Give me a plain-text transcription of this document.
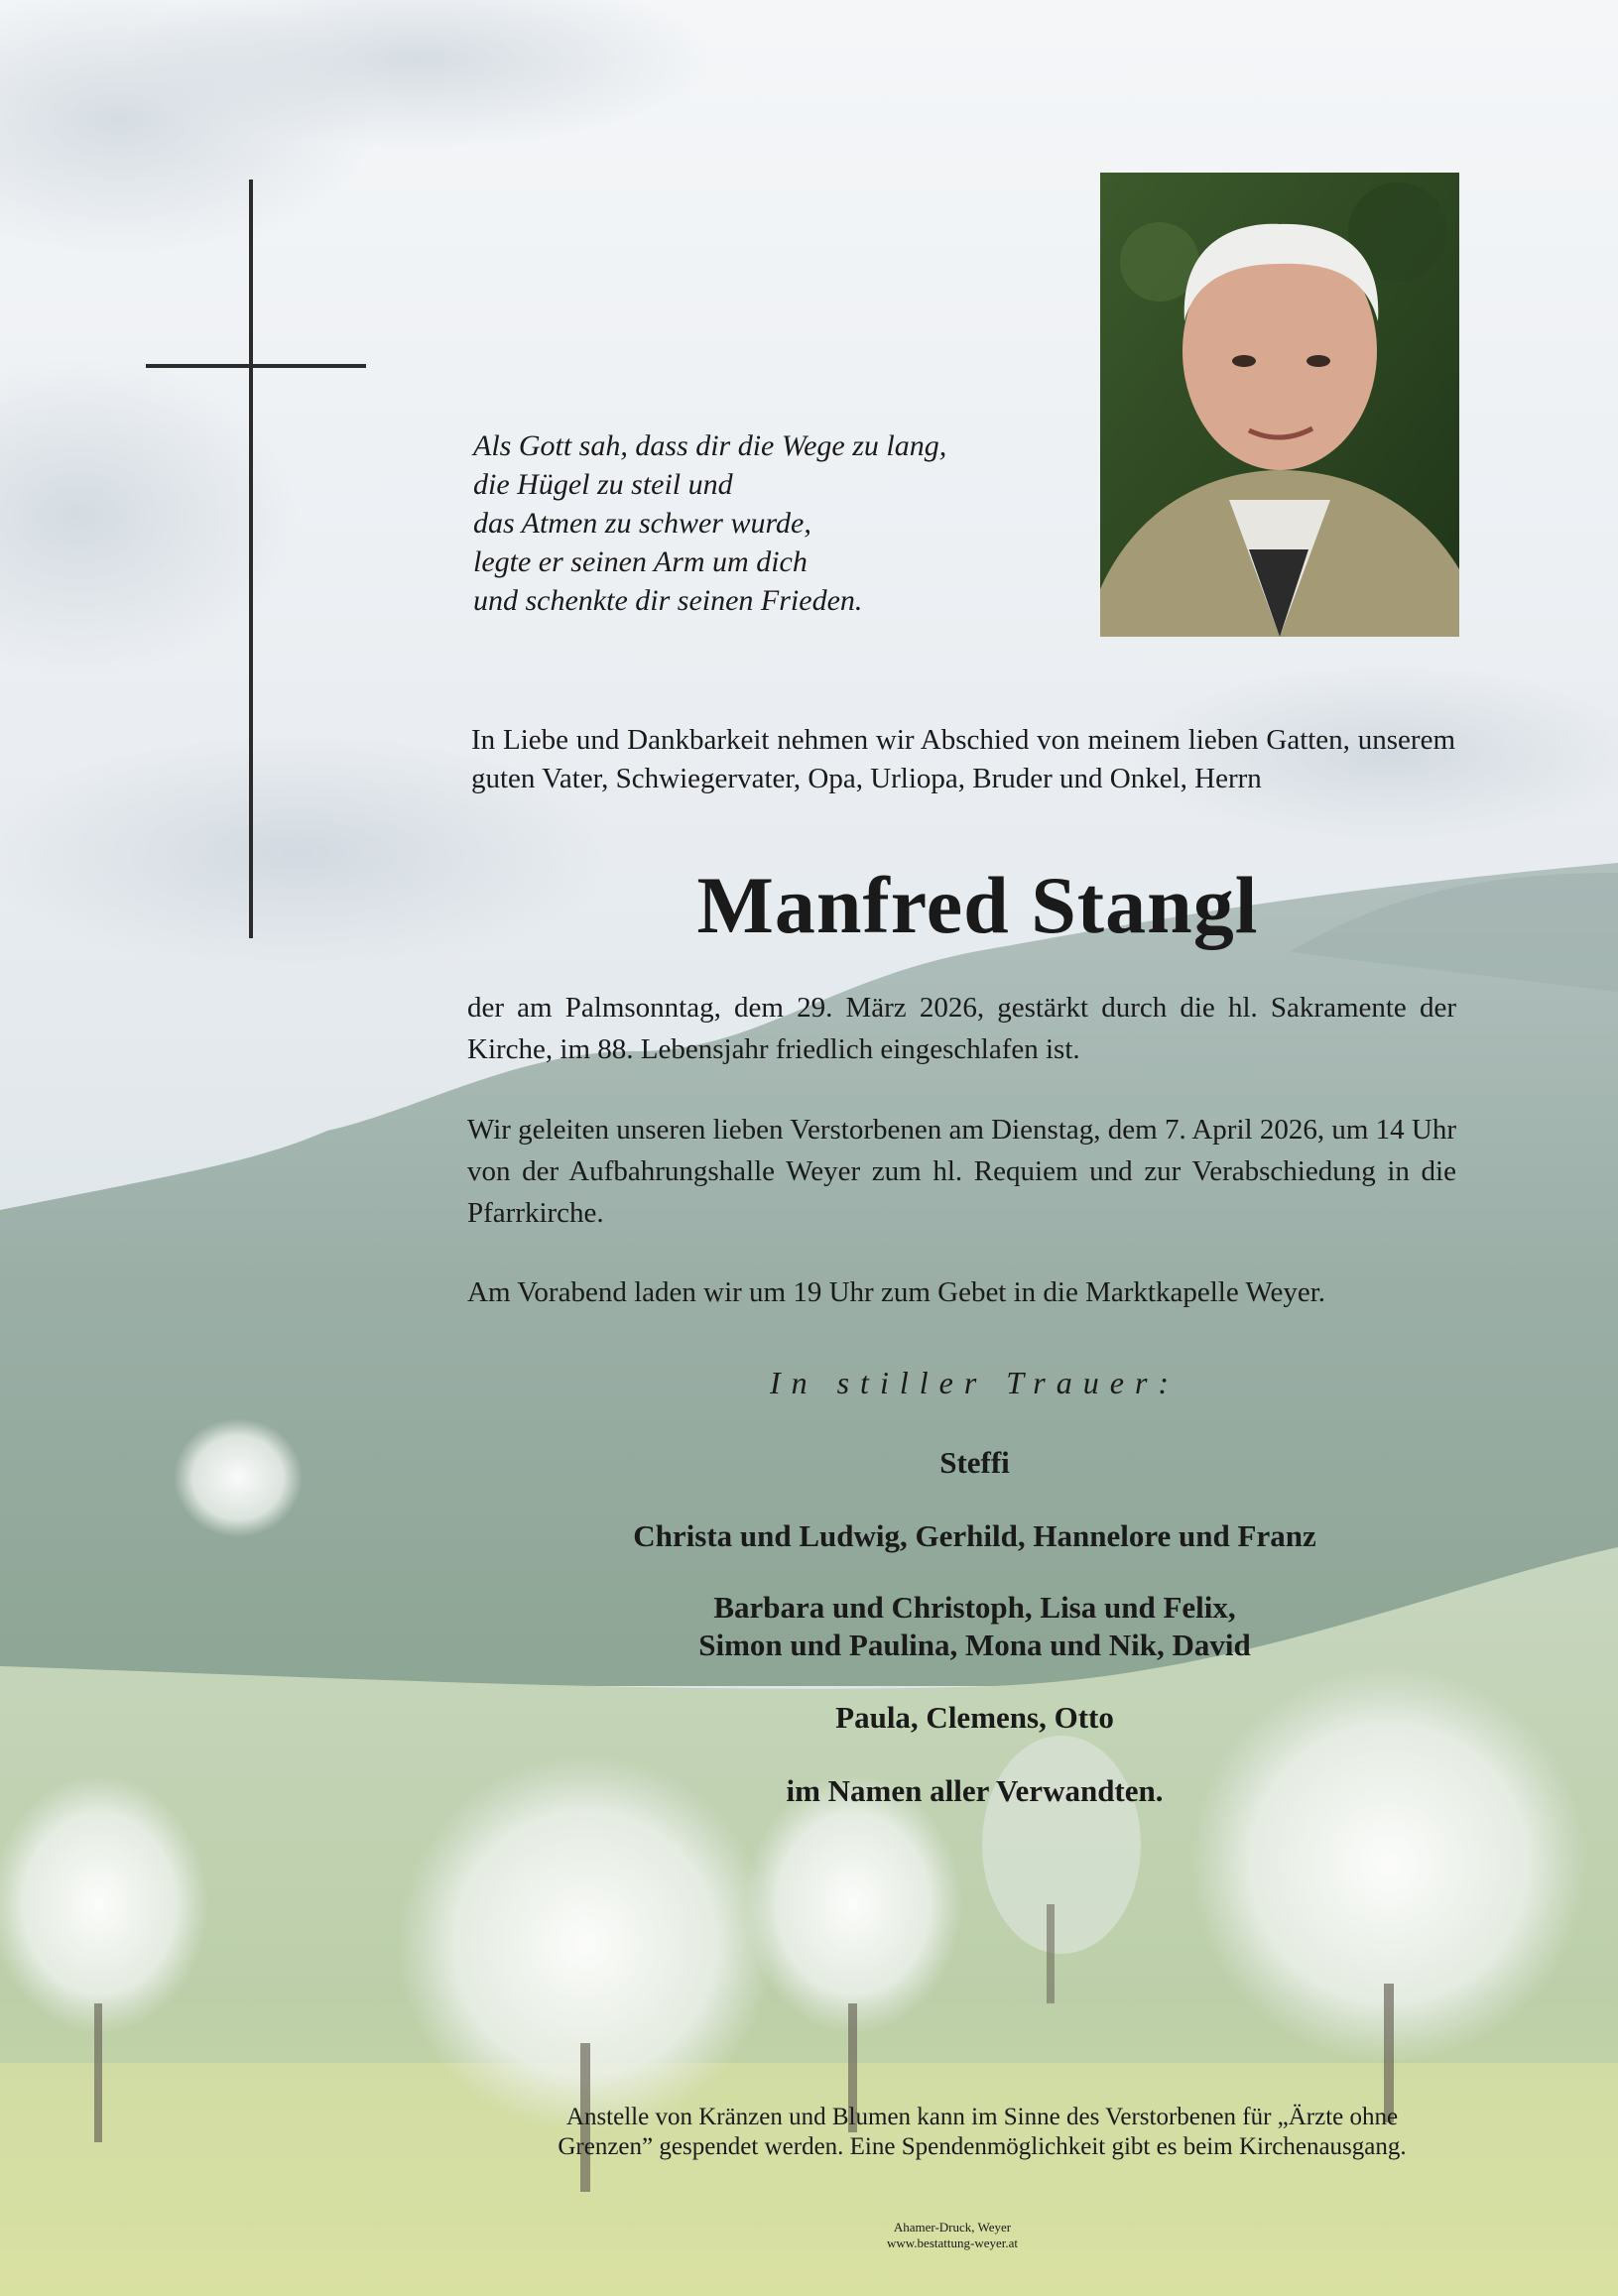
Als Gott sah, dass dir die Wege zu lang,
die Hügel zu steil und
das Atmen zu schwer wurde,
legte er seinen Arm um dich
und schenkte dir seinen Frieden.
In Liebe und Dankbarkeit nehmen wir Abschied von meinem lieben Gatten, unserem guten Vater, Schwiegervater, Opa, Urliopa, Bruder und Onkel, Herrn
Manfred Stangl
der am Palmsonntag, dem 29. März 2026, gestärkt durch die hl. Sakramente der Kirche, im 88. Lebensjahr friedlich eingeschlafen ist.
Wir geleiten unseren lieben Verstorbenen am Dienstag, dem 7. April 2026, um 14 Uhr von der Aufbahrungshalle Weyer zum hl. Requiem und zur Verabschiedung in die Pfarrkirche.
Am Vorabend laden wir um 19 Uhr zum Gebet in die Marktkapelle Weyer.
In stiller Trauer:
Steffi
Christa und Ludwig, Gerhild, Hannelore und Franz
Barbara und Christoph, Lisa und Felix,
Simon und Paulina, Mona und Nik, David
Paula, Clemens, Otto
im Namen aller Verwandten.
Anstelle von Kränzen und Blumen kann im Sinne des Verstorbenen für „Ärzte ohne
Grenzen” gespendet werden. Eine Spendenmöglichkeit gibt es beim Kirchenausgang.
Ahamer-Druck, Weyer
www.bestattung-weyer.at
